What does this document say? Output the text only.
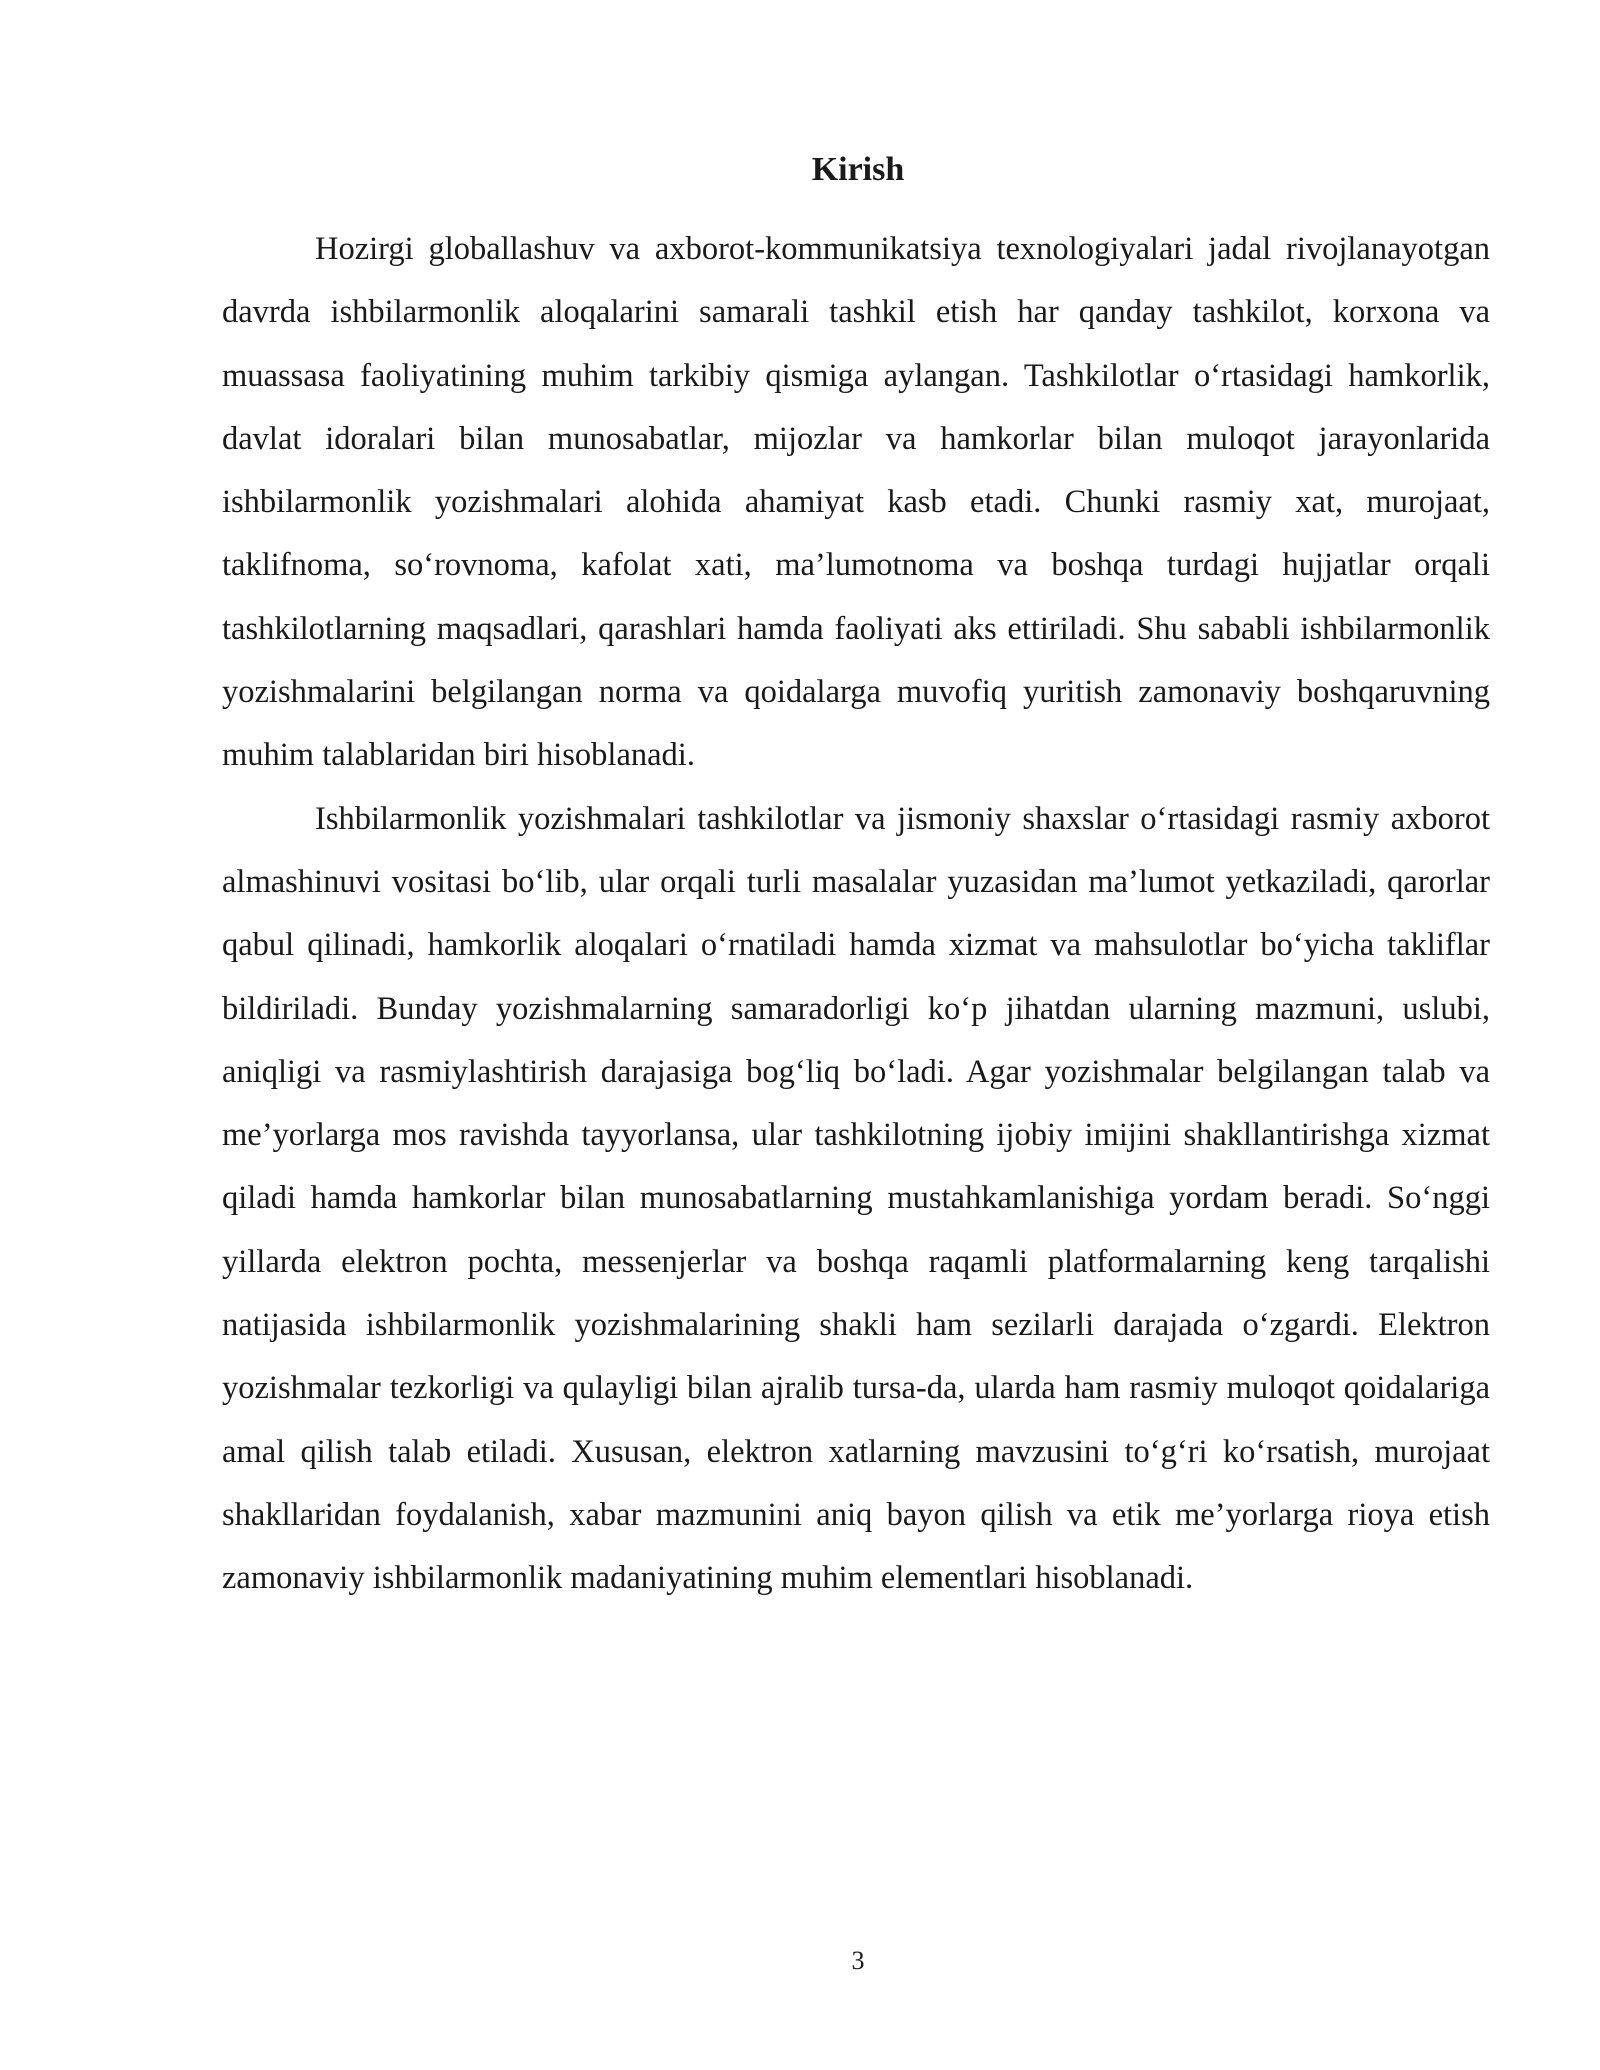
Kirish

Hozirgi globallashuv va axborot-kommunikatsiya texnologiyalari jadal rivojlanayotgan davrda ishbilarmonlik aloqalarini samarali tashkil etish har qanday tashkilot, korxona va muassasa faoliyatining muhim tarkibiy qismiga aylangan. Tashkilotlar o‘rtasidagi hamkorlik, davlat idoralari bilan munosabatlar, mijozlar va hamkorlar bilan muloqot jarayonlarida ishbilarmonlik yozishmalari alohida ahamiyat kasb etadi. Chunki rasmiy xat, murojaat, taklifnoma, so‘rovnoma, kafolat xati, ma’lumotnoma va boshqa turdagi hujjatlar orqali tashkilotlarning maqsadlari, qarashlari hamda faoliyati aks ettiriladi. Shu sababli ishbilarmonlik yozishmalarini belgilangan norma va qoidalarga muvofiq yuritish zamonaviy boshqaruvning muhim talablaridan biri hisoblanadi.

Ishbilarmonlik yozishmalari tashkilotlar va jismoniy shaxslar o‘rtasidagi rasmiy axborot almashinuvi vositasi bo‘lib, ular orqali turli masalalar yuzasidan ma’lumot yetkaziladi, qarorlar qabul qilinadi, hamkorlik aloqalari o‘rnatiladi hamda xizmat va mahsulotlar bo‘yicha takliflar bildiriladi. Bunday yozishmalarning samaradorligi ko‘p jihatdan ularning mazmuni, uslubi, aniqligi va rasmiylashtirish darajasiga bog‘liq bo‘ladi. Agar yozishmalar belgilangan talab va me’yorlarga mos ravishda tayyorlansa, ular tashkilotning ijobiy imijini shakllantirishga xizmat qiladi hamda hamkorlar bilan munosabatlarning mustahkamlanishiga yordam beradi. So‘nggi yillarda elektron pochta, messenjerlar va boshqa raqamli platformalarning keng tarqalishi natijasida ishbilarmonlik yozishmalarining shakli ham sezilarli darajada o‘zgardi. Elektron yozishmalar tezkorligi va qulayligi bilan ajralib tursa-da, ularda ham rasmiy muloqot qoidalariga amal qilish talab etiladi. Xususan, elektron xatlarning mavzusini to‘g‘ri ko‘rsatish, murojaat shakllaridan foydalanish, xabar mazmunini aniq bayon qilish va etik me’yorlarga rioya etish zamonaviy ishbilarmonlik madaniyatining muhim elementlari hisoblanadi.

3
